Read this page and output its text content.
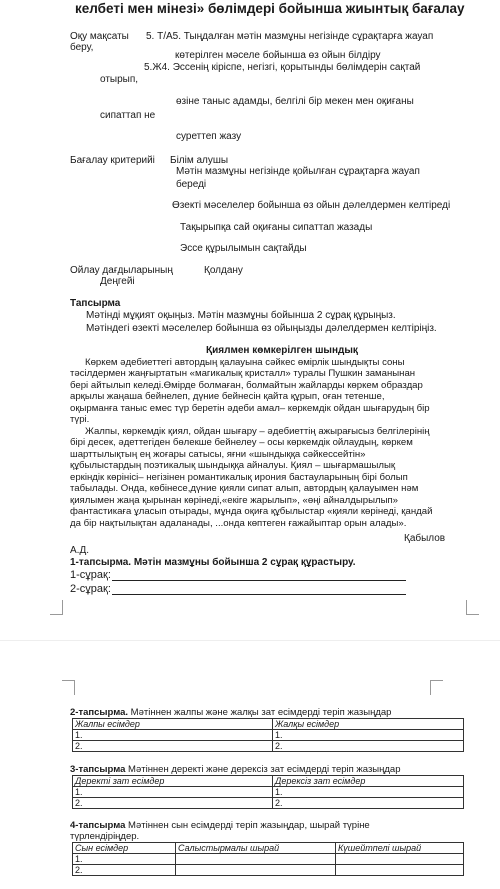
келбеті мен мінезі» бөлімдері бойынша жиынтық бағалау
Оқу мақсаты 5. Т/А5. Тыңдалған мәтін мазмұны негізінде сұрақтарға жауап
беру,
көтерілген мәселе бойынша өз ойын білдіру
5.Ж4. Эссенің кіріспе, негізгі, қорытынды бөлімдерін сақтай
отырып,
өзіне таныс адамды, белгілі бір мекен мен оқиғаны
сипаттап не
суреттеп жазу
Бағалау критерийі Білім алушы
Мәтін мазмұны негізінде қойылған сұрақтарға жауап
береді
Өзекті мәселелер бойынша өз ойын дәлелдермен келтіреді
Тақырыпқа сай оқиғаны сипаттап жазады
Эссе құрылымын сақтайды
Ойлау дағдыларының	Қолдану
Деңгейі
Тапсырма
Мәтінді мұқият оқыңыз. Мәтін мазмұны бойынша 2 сұрақ құрыңыз.
Мәтіндегі өзекті мәселелер бойынша өз ойыңызды дәлелдермен келтіріңіз.
Қиялмен көмкерілген шындық
Көркем әдебиеттегі автордың қалауына сәйкес өмірлік шындықты соны
тәсілдермен жаңғыртатын «магикалық кристалл» туралы Пушкин заманынан
бері айтылып келеді.Өмірде болмаған, болмайтын жайларды көркем образдар
арқылы жаңаша бейнелеп, дүние бейнесін қайта құрып, оған тетенше,
оқырманға таныс емес түр беретін әдеби амал– көркемдік ойдан шығарудың бір
түрі.
Жалпы, көркемдік қиял, ойдан шығару – әдебиеттің ажырағысыз белгілерінің
бірі десек, әдеттегіден бөлекше бейнелеу – осы көркемдік ойлаудың, көркем
шарттылықтың ең жоғары сатысы, яғни «шындыққа сәйкессейтін»
құбылыстардың поэтикалық шындыққа айналуы. Қиял – шығармашылық
еркіндік көрінісі– негізінен романтикалық ирония бастауларының бірі болып
табылады. Онда, көбінесе,дүние қияли сипат алып, автордың қалауымен нәм
қиялымен жаңа қырынан көрінеді,«екіге жарылып», «өңі айналдырылып»
фантастикаға ұласып отырады, мұнда оқиға құбылыстар «қияли көрінеді, қандай
да бір нақтылықтан адаланады, ...онда көптеген ғажайыптар орын алады».
Қабылов
А.Д.
1-тапсырма. Мәтін мазмұны бойынша 2 сұрақ құрастыру.
1-сұрақ:
2-сұрақ:
2-тапсырма. Мәтіннен жалпы және жалқы зат есімдерді теріп жазыңдар
Жалпы есімдер	Жалқы есімдер
1.	1.
2.	2.
3-тапсырма Мәтіннен деректі және дерексіз зат есімдерді теріп жазыңдар
Деректі зат есімдер	Дерексіз зат есімдер
1.	1.
2.	2.
4-тапсырма Мәтіннен сын есімдерді теріп жазыңдар, шырай түріне
түрлендіріңдер.
Сын есімдер	Салыстырмалы шырай	Күшейтпелі шырай
1.		
2.		
